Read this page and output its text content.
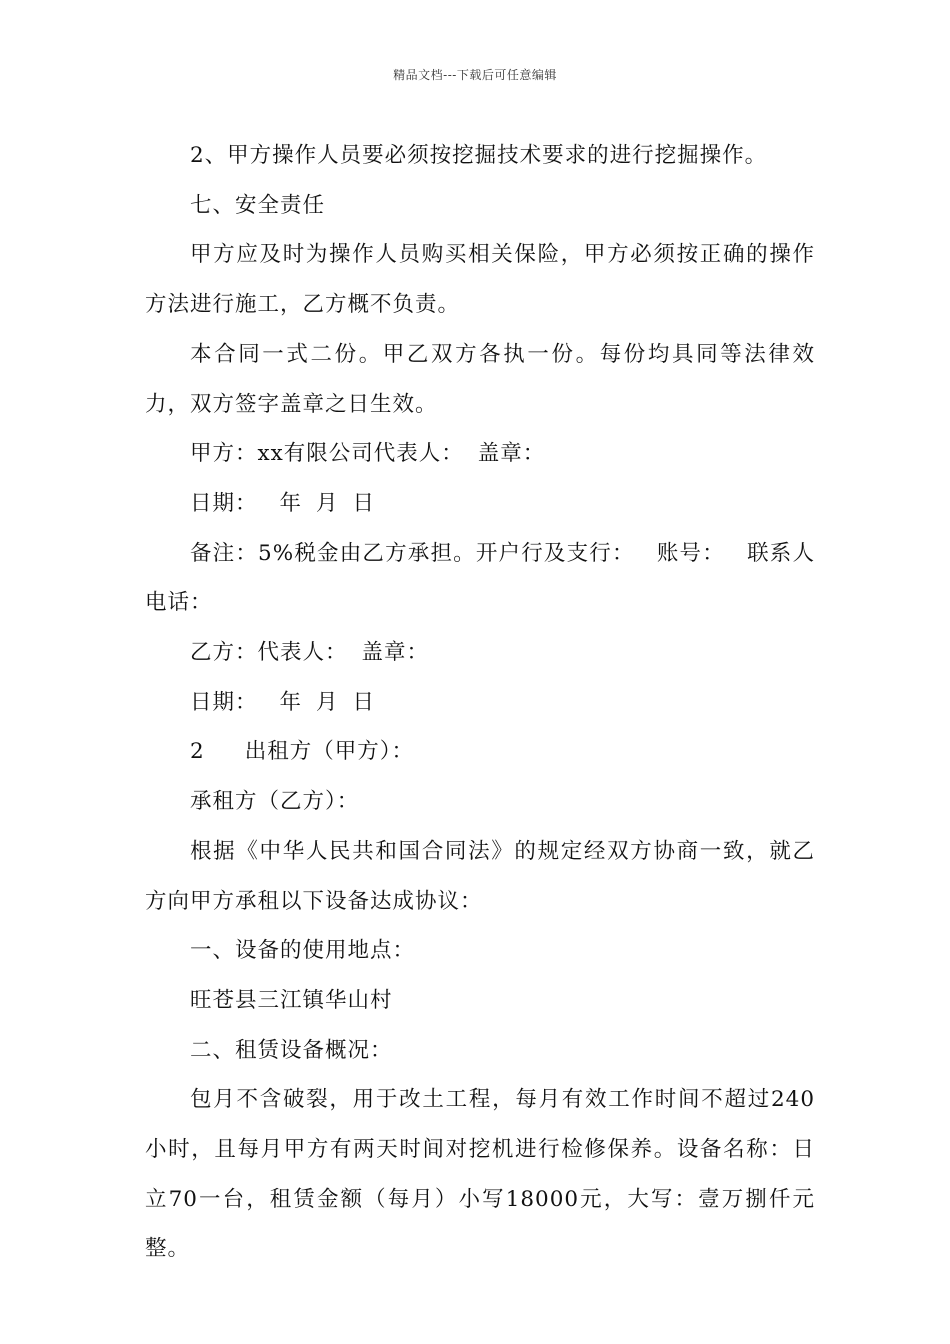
精品文档---下载后可任意编辑

2、甲方操作人员要必须按挖掘技术要求的进行挖掘操作。

七、安全责任

甲方应及时为操作人员购买相关保险，甲方必须按正确的操作方法进行施工，乙方概不负责。

本合同一式二份。甲乙双方各执一份。每份均具同等法律效力，双方签字盖章之日生效。

甲方：xx有限公司代表人： 盖章：

日期： 年 月 日

备注：5%税金由乙方承担。开户行及支行： 账号： 联系人电话：

乙方：代表人： 盖章：

日期： 年 月 日

2 出租方（甲方）：

承租方（乙方）：

根据《中华人民共和国合同法》的规定经双方协商一致，就乙方向甲方承租以下设备达成协议：

一、设备的使用地点：

旺苍县三江镇华山村

二、租赁设备概况：

包月不含破裂，用于改土工程，每月有效工作时间不超过240小时，且每月甲方有两天时间对挖机进行检修保养。设备名称：日立70一台，租赁金额（每月）小写18000元，大写：壹万捌仟元整。
